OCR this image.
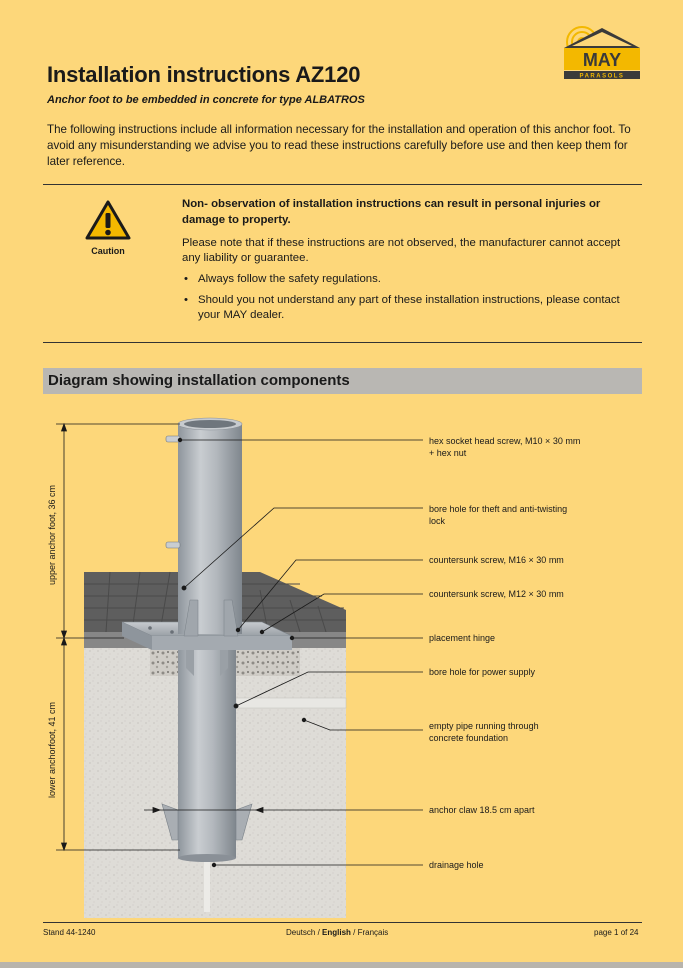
MAY
PARASOLS
Installation instructions AZ120

Anchor foot to be embedded in concrete for type ALBATROS

The following instructions include all information necessary for the installation and operation of this anchor foot. To avoid any misunderstanding we advise you to read these instructions carefully before use and then keep them for later reference.

Caution

Non- observation of installation instructions can result in personal injuries or damage to property.

Please note that if these instructions are not observed, the manufacturer cannot accept any liability or guarantee.

• Always follow the safety regulations.
• Should you not understand any part of these installation instructions, please contact your MAY dealer.
Diagram showing installation components
upper anchor foot, 36 cm
lower anchorfoot, 41 cm
hex socket head screw, M10 × 30 mm
+ hex nut
bore hole for theft and anti-twisting
lock
countersunk screw, M16 × 30 mm
countersunk screw, M12 × 30 mm
placement hinge
bore hole for power supply
empty pipe running through
concrete foundation
anchor claw 18.5 cm apart
drainage hole
Stand 44-1240	Deutsch / English / Français	page 1 of 24
